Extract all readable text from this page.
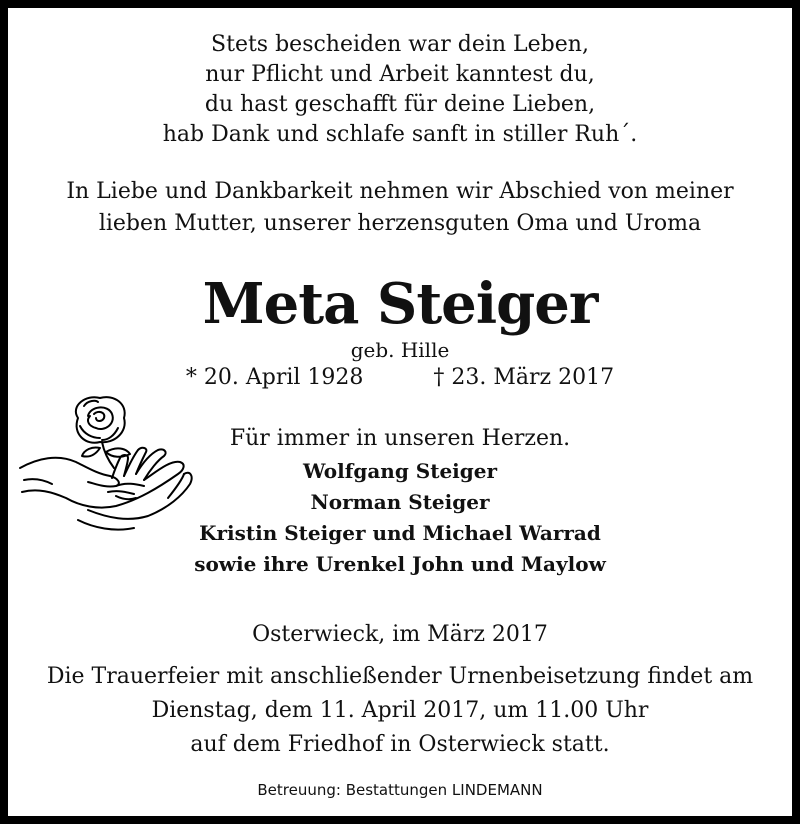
Stets bescheiden war dein Leben,
nur Pflicht und Arbeit kanntest du,
du hast geschafft für deine Lieben,
hab Dank und schlafe sanft in stiller Ruh´.
In Liebe und Dankbarkeit nehmen wir Abschied von meiner
lieben Mutter, unserer herzensguten Oma und Uroma
Meta Steiger
geb. Hille
* 20. April 1928	† 23. März 2017
Für immer in unseren Herzen.
Wolfgang Steiger
Norman Steiger
Kristin Steiger und Michael Warrad
sowie ihre Urenkel John und Maylow
Osterwieck, im März 2017
Die Trauerfeier mit anschließender Urnenbeisetzung findet am
Dienstag, dem 11. April 2017, um 11.00 Uhr
auf dem Friedhof in Osterwieck statt.
Betreuung: Bestattungen LINDEMANN
